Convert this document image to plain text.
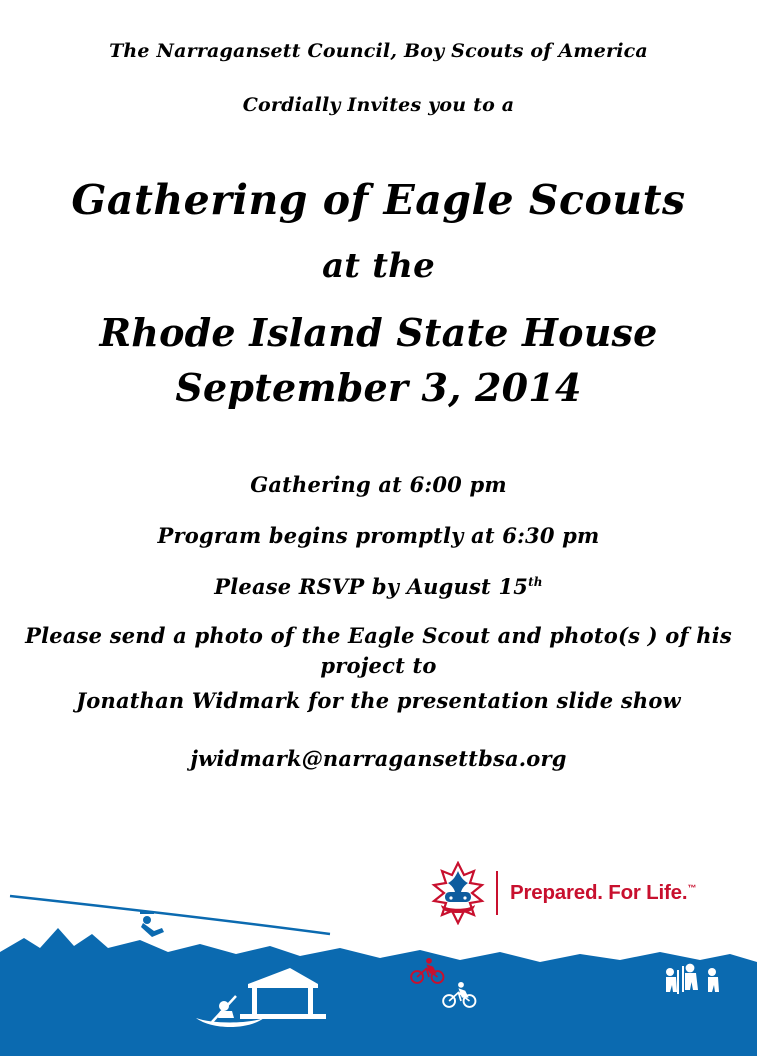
The Narragansett Council, Boy Scouts of America

Cordially Invites you to a

Gathering of Eagle Scouts
at the
Rhode Island State House
September 3, 2014

Gathering at 6:00 pm

Program begins promptly at 6:30 pm

Please RSVP by August 15th

Please send a photo of the Eagle Scout and photo(s ) of his project to

Jonathan Widmark for the presentation slide show

jwidmark@narragansettbsa.org

Prepared. For Life.™
